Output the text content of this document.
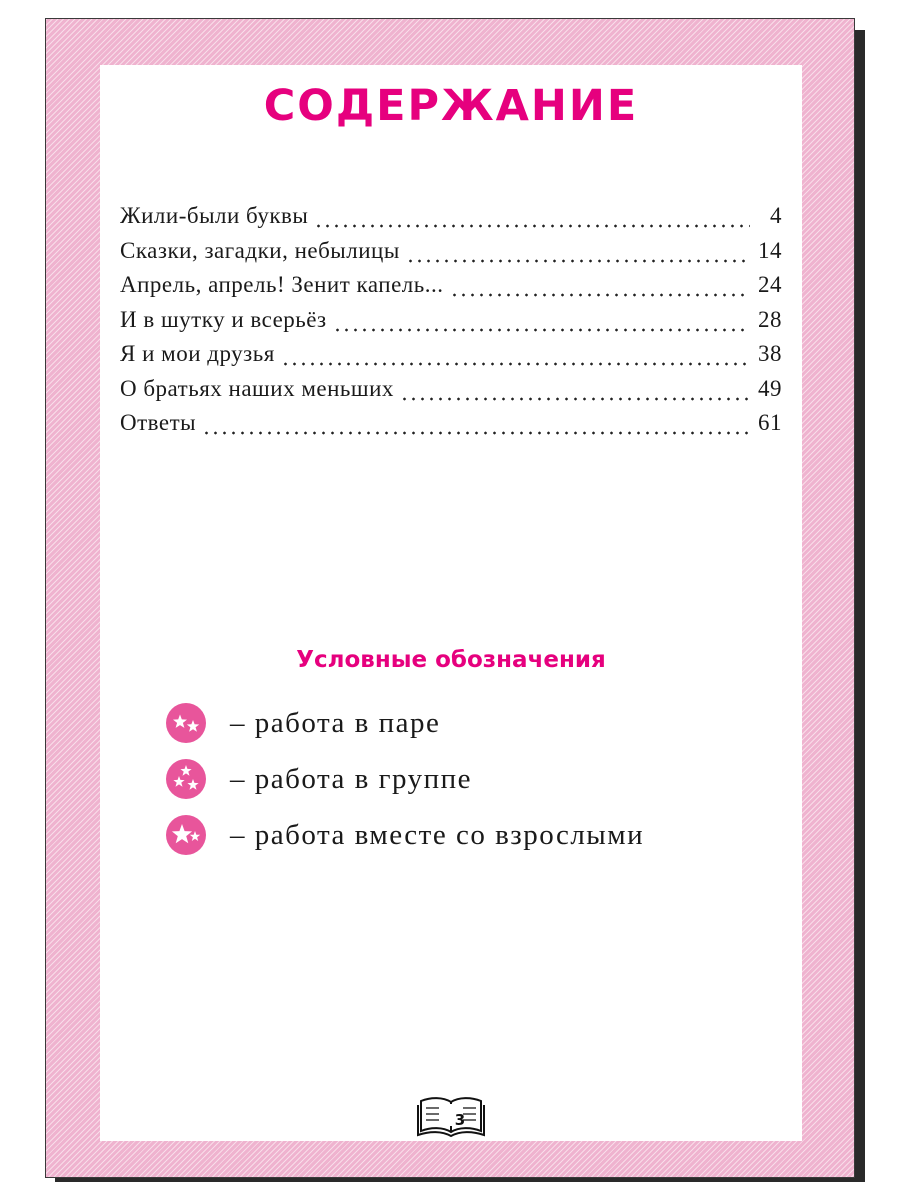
СОДЕРЖАНИЕ
Жили-были буквы	4
Сказки, загадки, небылицы	14
Апрель, апрель! Зенит капель...	24
И в шутку и всерьёз	28
Я и мои друзья	38
О братьях наших меньших	49
Ответы	61
Условные обозначения
– работа в паре
– работа в группе
– работа вместе со взрослыми
3
